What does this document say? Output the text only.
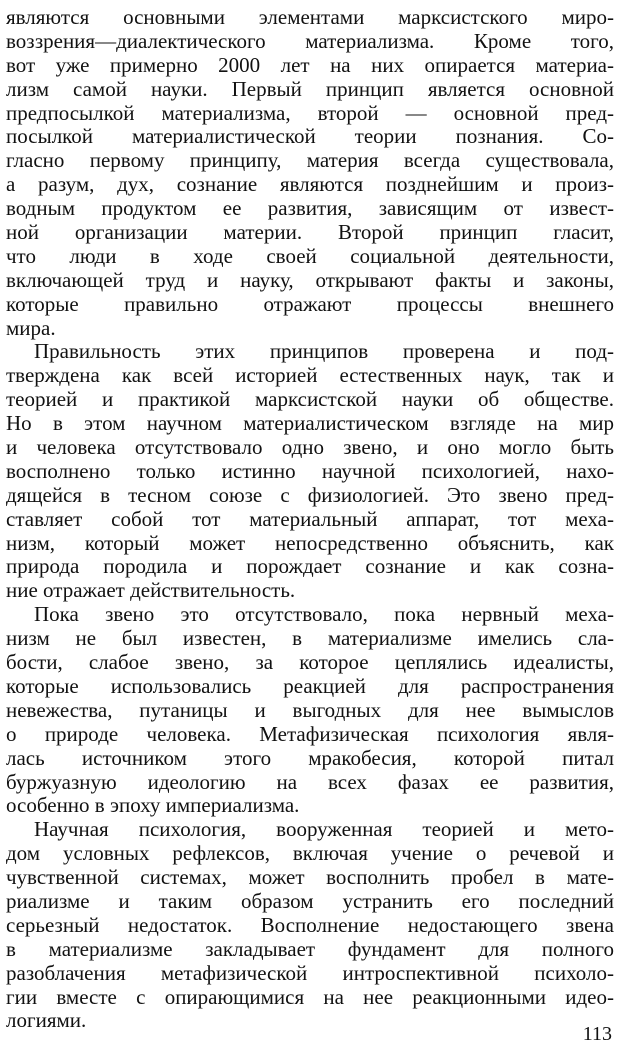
являются основными элементами марксистского миро-
воззрения—диалектического материализма. Кроме того,
вот уже примерно 2000 лет на них опирается материа-
лизм самой науки. Первый принцип является основной
предпосылкой материализма, второй — основной пред-
посылкой материалистической теории познания. Со-
гласно первому принципу, материя всегда существовала,
а разум, дух, сознание являются позднейшим и произ-
водным продуктом ее развития, зависящим от извест-
ной организации материи. Второй принцип гласит,
что люди в ходе своей социальной деятельности,
включающей труд и науку, открывают факты и законы,
которые правильно отражают процессы внешнего
мира.
Правильность этих принципов проверена и под-
тверждена как всей историей естественных наук, так и
теорией и практикой марксистской науки об обществе.
Но в этом научном материалистическом взгляде на мир
и человека отсутствовало одно звено, и оно могло быть
восполнено только истинно научной психологией, нахо-
дящейся в тесном союзе с физиологией. Это звено пред-
ставляет собой тот материальный аппарат, тот меха-
низм, который может непосредственно объяснить, как
природа породила и порождает сознание и как созна-
ние отражает действительность.
Пока звено это отсутствовало, пока нервный меха-
низм не был известен, в материализме имелись сла-
бости, слабое звено, за которое цеплялись идеалисты,
которые использовались реакцией для распространения
невежества, путаницы и выгодных для нее вымыслов
о природе человека. Метафизическая психология явля-
лась источником этого мракобесия, которой питал
буржуазную идеологию на всех фазах ее развития,
особенно в эпоху империализма.
Научная психология, вооруженная теорией и мето-
дом условных рефлексов, включая учение о речевой и
чувственной системах, может восполнить пробел в мате-
риализме и таким образом устранить его последний
серьезный недостаток. Восполнение недостающего звена
в материализме закладывает фундамент для полного
разоблачения метафизической интроспективной психоло-
гии вместе с опирающимися на нее реакционными идео-
логиями.
113
